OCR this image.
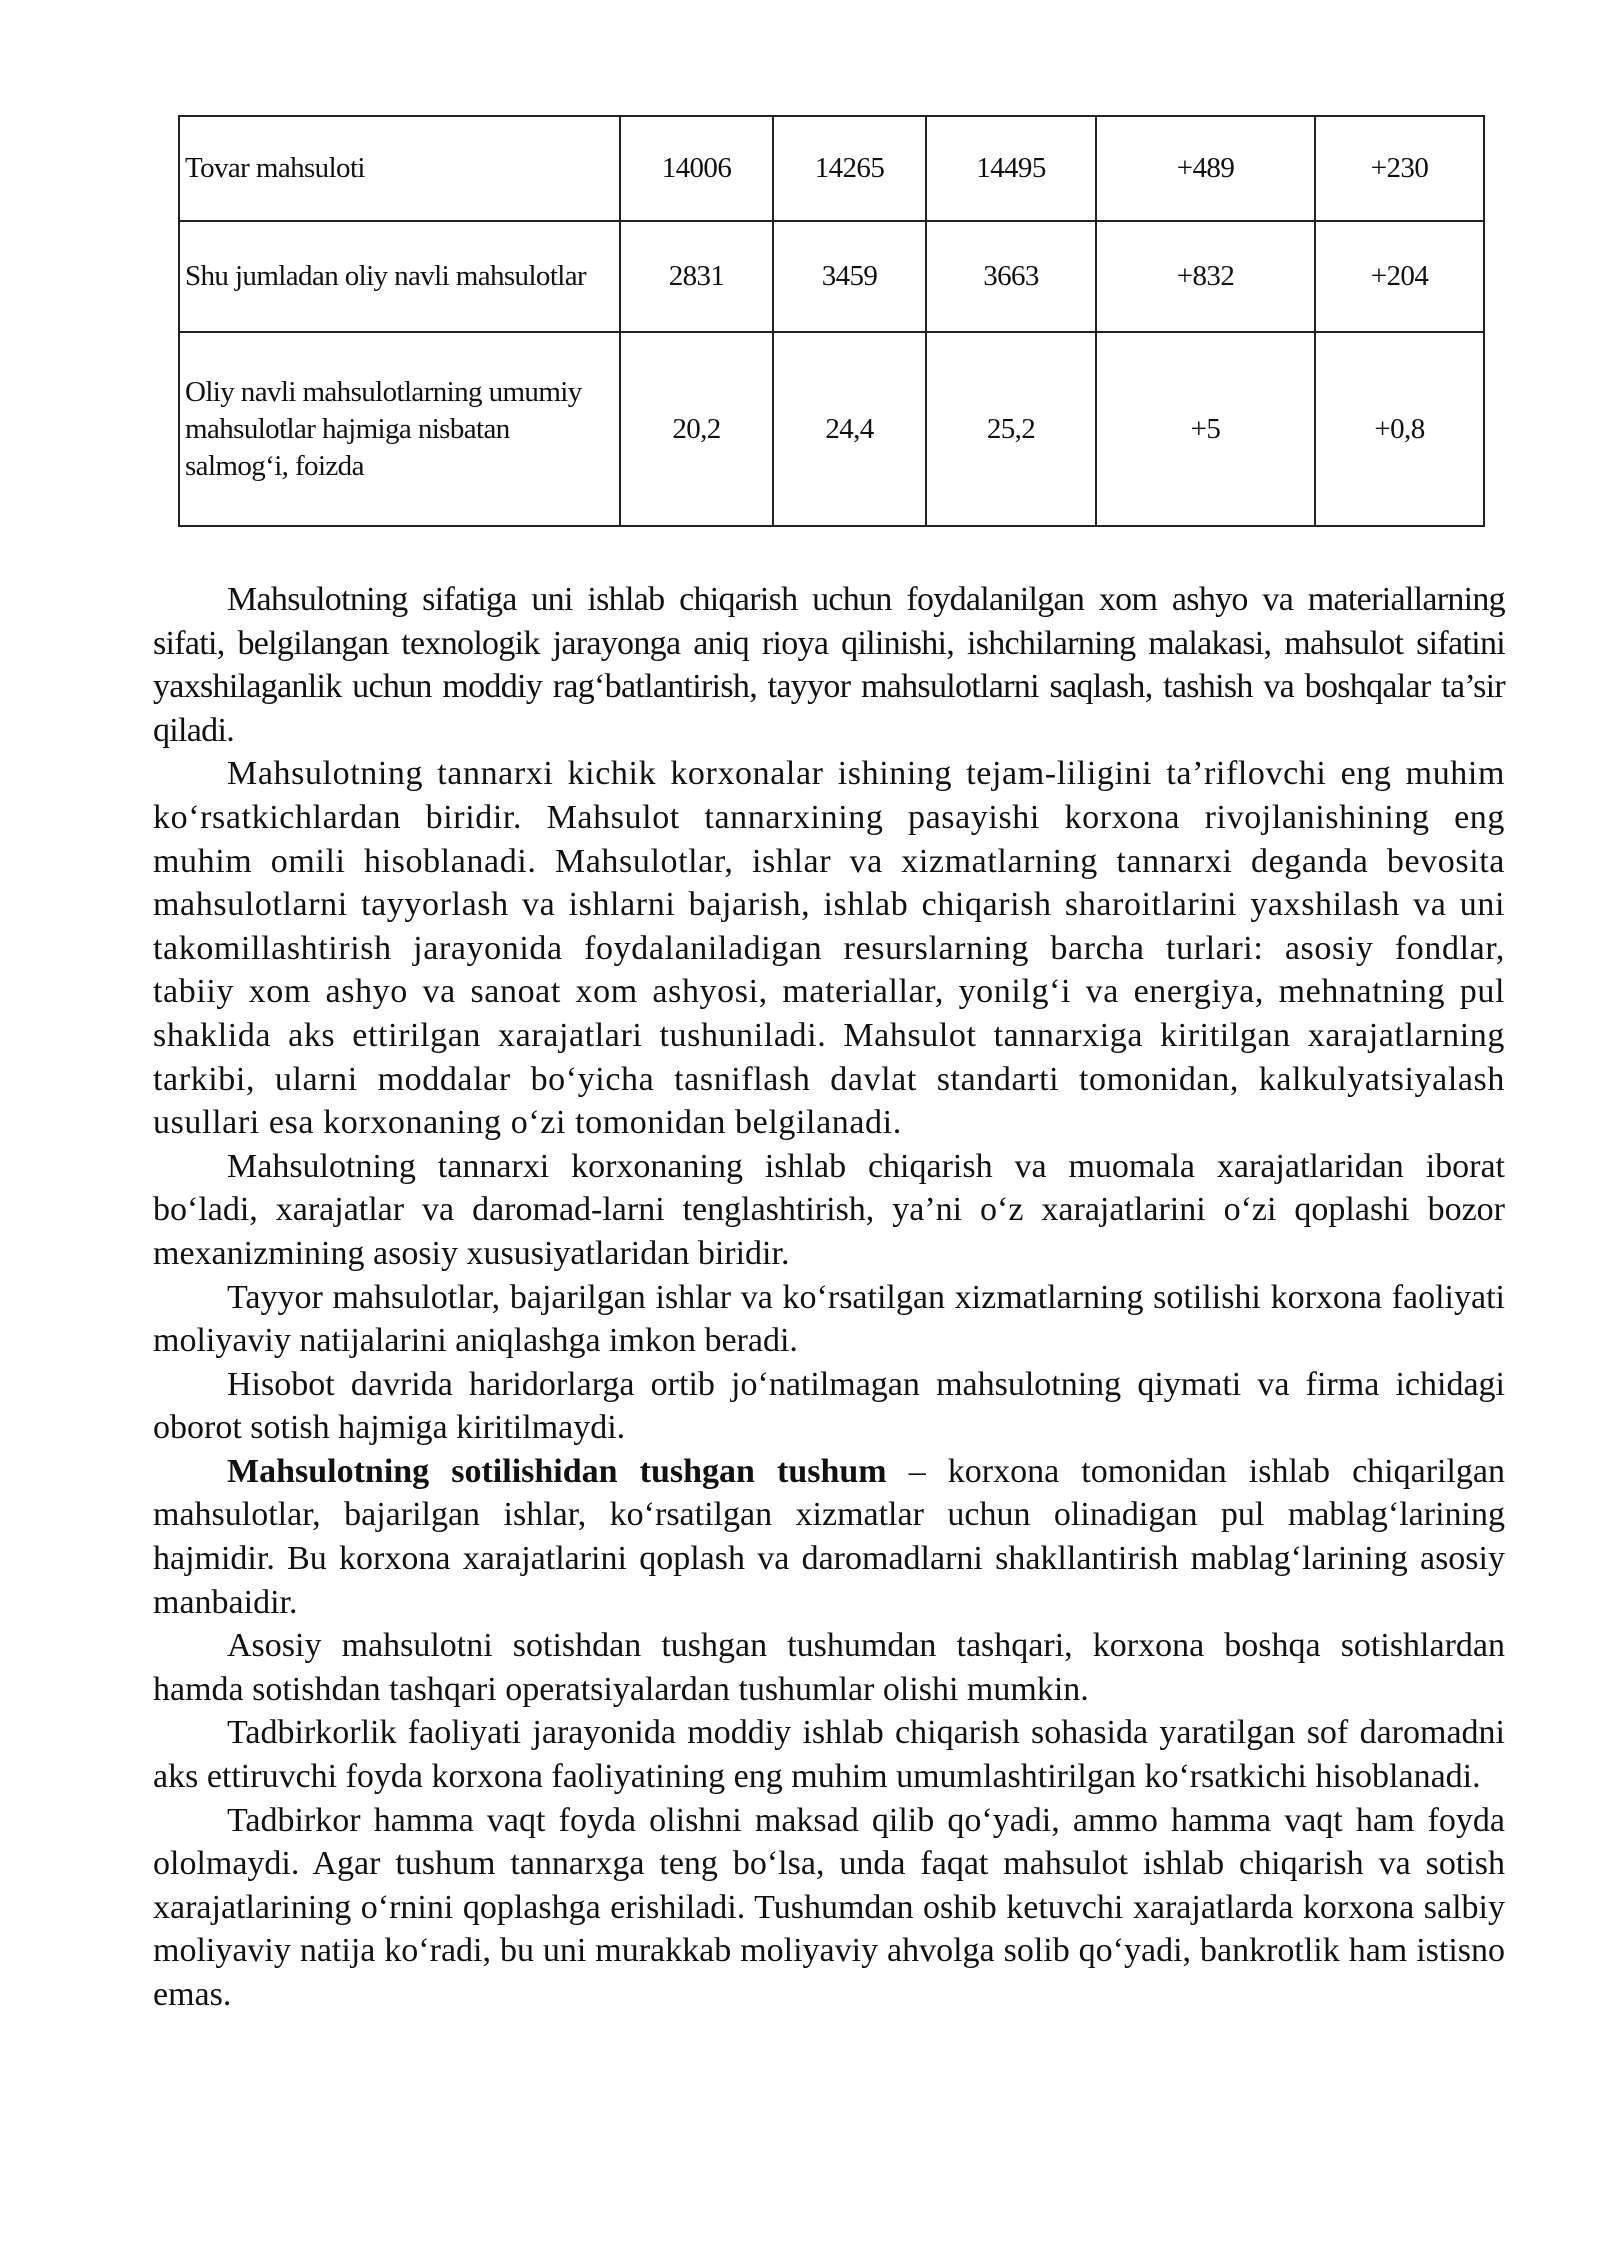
Tovar mahsuloti	14006	14265	14495	+489	+230
Shu jumladan oliy navli mahsulotlar	2831	3459	3663	+832	+204
Oliy navli mahsulotlarning umumiy mahsulotlar hajmiga nisbatan salmog‘i, foizda	20,2	24,4	25,2	+5	+0,8

Mahsulotning sifatiga uni ishlab chiqarish uchun foydalanilgan xom ashyo va materiallarning sifati, belgilangan texnologik jarayonga aniq rioya qilinishi, ishchilarning malakasi, mahsulot sifatini yaxshilaganlik uchun moddiy rag‘batlantirish, tayyor mahsulotlarni saqlash, tashish va boshqalar ta’sir qiladi.

Mahsulotning tannarxi kichik korxonalar ishining tejam-liligini ta’riflovchi eng muhim ko‘rsatkichlardan biridir. Mahsulot tannarxining pasayishi korxona rivojlanishining eng muhim omili hisoblanadi. Mahsulotlar, ishlar va xizmatlarning tannarxi deganda bevosita mahsulotlarni tayyorlash va ishlarni bajarish, ishlab chiqarish sharoitlarini yaxshilash va uni takomillashtirish jarayonida foydalaniladigan resurslarning barcha turlari: asosiy fondlar, tabiiy xom ashyo va sanoat xom ashyosi, materiallar, yonilg‘i va energiya, mehnatning pul shaklida aks ettirilgan xarajatlari tushuniladi. Mahsulot tannarxiga kiritilgan xarajatlarning tarkibi, ularni moddalar bo‘yicha tasniflash davlat standarti tomonidan, kalkulyatsiyalash usullari esa korxonaning o‘zi tomonidan belgilanadi.

Mahsulotning tannarxi korxonaning ishlab chiqarish va muomala xarajatlaridan iborat bo‘ladi, xarajatlar va daromad-larni tenglashtirish, ya’ni o‘z xarajatlarini o‘zi qoplashi bozor mexanizmining asosiy xususiyatlaridan biridir.

Tayyor mahsulotlar, bajarilgan ishlar va ko‘rsatilgan xizmatlarning sotilishi korxona faoliyati moliyaviy natijalarini aniqlashga imkon beradi.

Hisobot davrida haridorlarga ortib jo‘natilmagan mahsulotning qiymati va firma ichidagi oborot sotish hajmiga kiritilmaydi.

Mahsulotning sotilishidan tushgan tushum – korxona tomonidan ishlab chiqarilgan mahsulotlar, bajarilgan ishlar, ko‘rsatilgan xizmatlar uchun olinadigan pul mablag‘larining hajmidir. Bu korxona xarajatlarini qoplash va daromadlarni shakllantirish mablag‘larining asosiy manbaidir.

Asosiy mahsulotni sotishdan tushgan tushumdan tashqari, korxona boshqa sotishlardan hamda sotishdan tashqari operatsiyalardan tushumlar olishi mumkin.

Tadbirkorlik faoliyati jarayonida moddiy ishlab chiqarish sohasida yaratilgan sof daromadni aks ettiruvchi foyda korxona faoliyatining eng muhim umumlashtirilgan ko‘rsatkichi hisoblanadi.

Tadbirkor hamma vaqt foyda olishni maksad qilib qo‘yadi, ammo hamma vaqt ham foyda ololmaydi. Agar tushum tannarxga teng bo‘lsa, unda faqat mahsulot ishlab chiqarish va sotish xarajatlarining o‘rnini qoplashga erishiladi. Tushumdan oshib ketuvchi xarajatlarda korxona salbiy moliyaviy natija ko‘radi, bu uni murakkab moliyaviy ahvolga solib qo‘yadi, bankrotlik ham istisno emas.
